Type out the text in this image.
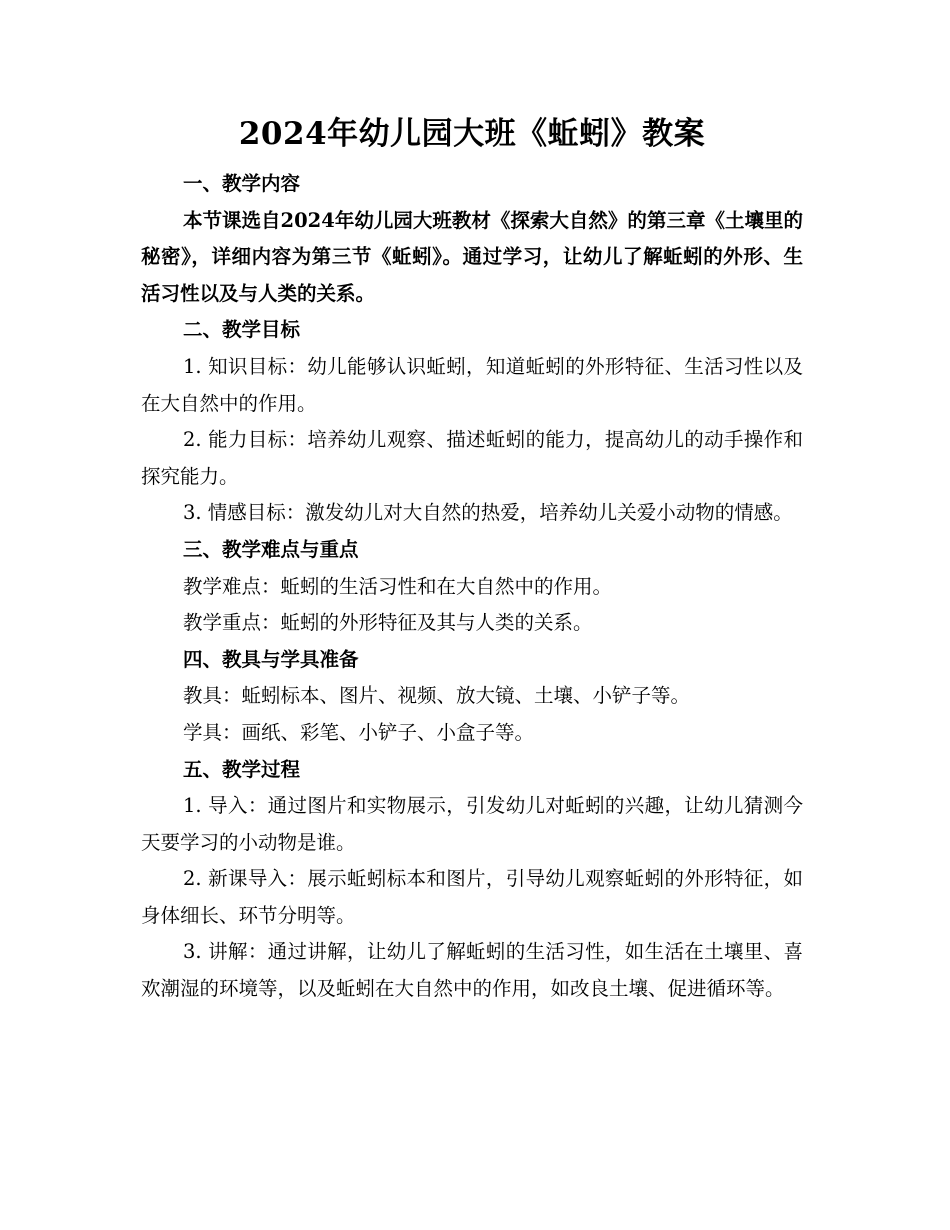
2024年幼儿园大班《蚯蚓》教案

一、教学内容

本节课选自2024年幼儿园大班教材《探索大自然》的第三章《土壤里的秘密》，详细内容为第三节《蚯蚓》。通过学习，让幼儿了解蚯蚓的外形、生活习性以及与人类的关系。

二、教学目标

1. 知识目标：幼儿能够认识蚯蚓，知道蚯蚓的外形特征、生活习性以及在大自然中的作用。

2. 能力目标：培养幼儿观察、描述蚯蚓的能力，提高幼儿的动手操作和探究能力。

3. 情感目标：激发幼儿对大自然的热爱，培养幼儿关爱小动物的情感。

三、教学难点与重点

教学难点：蚯蚓的生活习性和在大自然中的作用。

教学重点：蚯蚓的外形特征及其与人类的关系。

四、教具与学具准备

教具：蚯蚓标本、图片、视频、放大镜、土壤、小铲子等。

学具：画纸、彩笔、小铲子、小盒子等。

五、教学过程

1. 导入：通过图片和实物展示，引发幼儿对蚯蚓的兴趣，让幼儿猜测今天要学习的小动物是谁。

2. 新课导入：展示蚯蚓标本和图片，引导幼儿观察蚯蚓的外形特征，如身体细长、环节分明等。

3. 讲解：通过讲解，让幼儿了解蚯蚓的生活习性，如生活在土壤里、喜欢潮湿的环境等，以及蚯蚓在大自然中的作用，如改良土壤、促进循环等。
